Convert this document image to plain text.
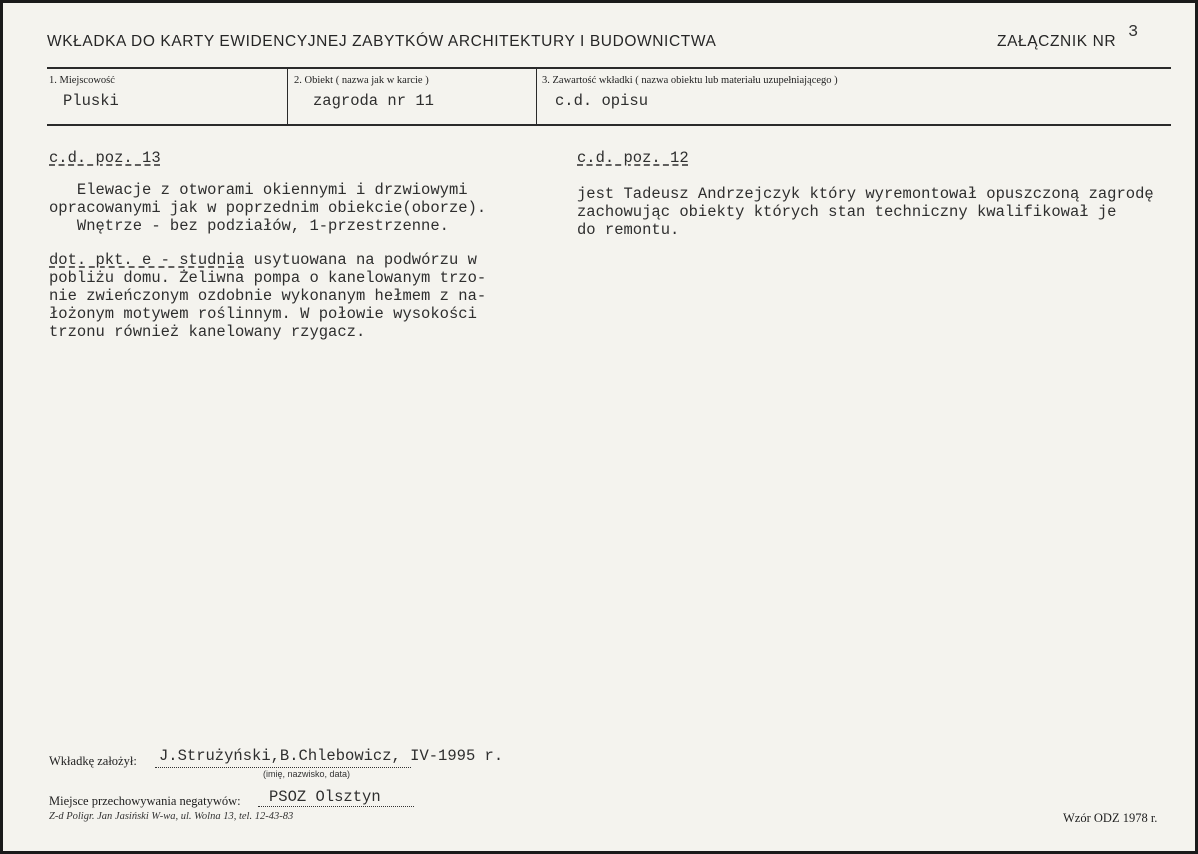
WKŁADKA DO KARTY EWIDENCYJNEJ ZABYTKÓW ARCHITEKTURY I BUDOWNICTWA	ZAŁĄCZNIK NR 3
1. Miejscowość
Pluski
2. Obiekt ( nazwa jak w karcie )
zagroda nr 11
3. Zawartość wkładki ( nazwa obiektu lub materiału uzupełniającego )
c.d. opisu
c.d. poz. 13
Elewacje z otworami okiennymi i drzwiowymi
opracowanymi jak w poprzednim obiekcie(oborze).
Wnętrze - bez podziałów, 1-przestrzenne.
dot. pkt. e - studnia usytuowana na podwórzu w
pobliżu domu. Żeliwna pompa o kanelowanym trzo-
nie zwieńczonym ozdobnie wykonanym hełmem z na-
łożonym motywem roślinnym. W połowie wysokości
trzonu również kanelowany rzygacz.
c.d. poz. 12
jest Tadeusz Andrzejczyk który wyremontował opuszczoną zagrodę
zachowując obiekty których stan techniczny kwalifikował je
do remontu.
Wkładkę założył: J.Strużyński,B.Chlebowicz, IV-1995 r.
(imię, nazwisko, data)
Miejsce przechowywania negatywów: PSOZ Olsztyn
Z-d Poligr. Jan Jasiński W-wa, ul. Wolna 13, tel. 12-43-83	Wzór ODZ 1978 r.
